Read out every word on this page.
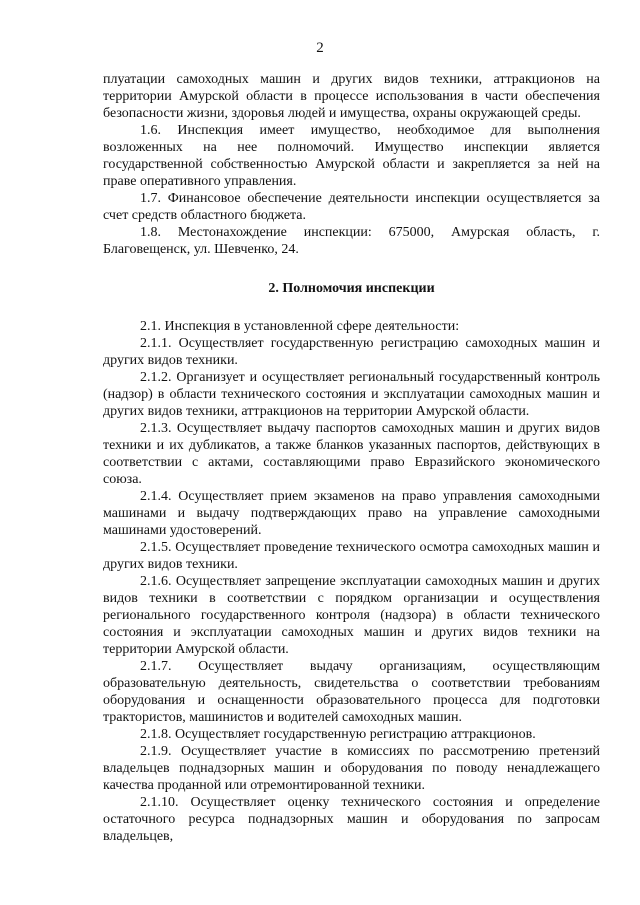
2

плуатации самоходных машин и других видов техники, аттракционов на территории Амурской области в процессе использования в части обеспечения безопасности жизни, здоровья людей и имущества, охраны окружающей среды.

1.6. Инспекция имеет имущество, необходимое для выполнения возложенных на нее полномочий. Имущество инспекции является государственной собственностью Амурской области и закрепляется за ней на праве оперативного управления.

1.7. Финансовое обеспечение деятельности инспекции осуществляется за счет средств областного бюджета.

1.8. Местонахождение инспекции: 675000, Амурская область, г. Благовещенск, ул. Шевченко, 24.

2. Полномочия инспекции

2.1. Инспекция в установленной сфере деятельности:

2.1.1. Осуществляет государственную регистрацию самоходных машин и других видов техники.

2.1.2. Организует и осуществляет региональный государственный контроль (надзор) в области технического состояния и эксплуатации самоходных машин и других видов техники, аттракционов на территории Амурской области.

2.1.3. Осуществляет выдачу паспортов самоходных машин и других видов техники и их дубликатов, а также бланков указанных паспортов, действующих в соответствии с актами, составляющими право Евразийского экономического союза.

2.1.4. Осуществляет прием экзаменов на право управления самоходными машинами и выдачу подтверждающих право на управление самоходными машинами удостоверений.

2.1.5. Осуществляет проведение технического осмотра самоходных машин и других видов техники.

2.1.6. Осуществляет запрещение эксплуатации самоходных машин и других видов техники в соответствии с порядком организации и осуществления регионального государственного контроля (надзора) в области технического состояния и эксплуатации самоходных машин и других видов техники на территории Амурской области.

2.1.7. Осуществляет выдачу организациям, осуществляющим образовательную деятельность, свидетельства о соответствии требованиям оборудования и оснащенности образовательного процесса для подготовки трактористов, машинистов и водителей самоходных машин.

2.1.8. Осуществляет государственную регистрацию аттракционов.

2.1.9. Осуществляет участие в комиссиях по рассмотрению претензий владельцев поднадзорных машин и оборудования по поводу ненадлежащего качества проданной или отремонтированной техники.

2.1.10. Осуществляет оценку технического состояния и определение остаточного ресурса поднадзорных машин и оборудования по запросам владельцев,
